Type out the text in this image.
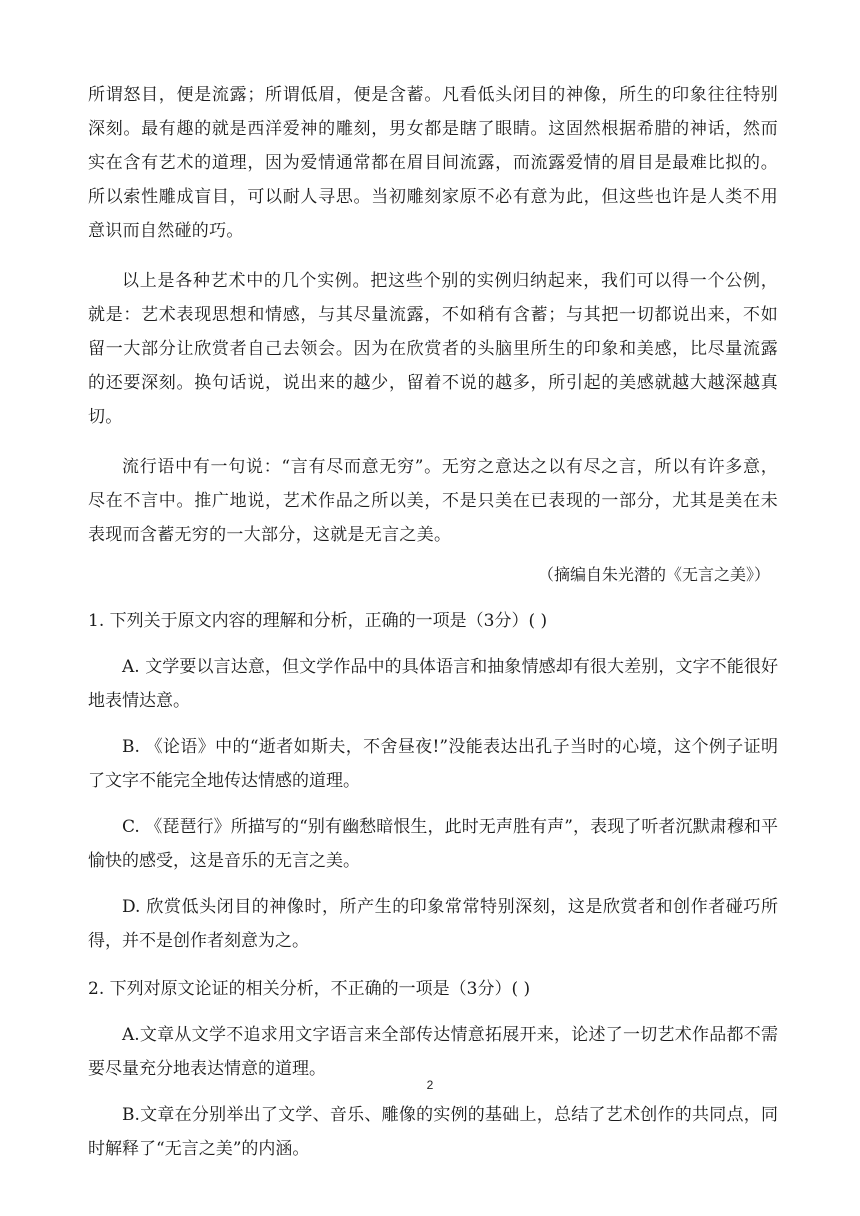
所谓怒目，便是流露；所谓低眉，便是含蓄。凡看低头闭目的神像，所生的印象往往特别深刻。最有趣的就是西洋爱神的雕刻，男女都是瞎了眼睛。这固然根据希腊的神话，然而实在含有艺术的道理，因为爱情通常都在眉目间流露，而流露爱情的眉目是最难比拟的。所以索性雕成盲目，可以耐人寻思。当初雕刻家原不必有意为此，但这些也许是人类不用意识而自然碰的巧。

以上是各种艺术中的几个实例。把这些个别的实例归纳起来，我们可以得一个公例，就是：艺术表现思想和情感，与其尽量流露，不如稍有含蓄；与其把一切都说出来，不如留一大部分让欣赏者自己去领会。因为在欣赏者的头脑里所生的印象和美感，比尽量流露的还要深刻。换句话说，说出来的越少，留着不说的越多，所引起的美感就越大越深越真切。

流行语中有一句说：“言有尽而意无穷”。无穷之意达之以有尽之言，所以有许多意，尽在不言中。推广地说，艺术作品之所以美，不是只美在已表现的一部分，尤其是美在未表现而含蓄无穷的一大部分，这就是无言之美。

（摘编自朱光潜的《无言之美》）

1. 下列关于原文内容的理解和分析，正确的一项是（3分）( )

A. 文学要以言达意，但文学作品中的具体语言和抽象情感却有很大差别，文字不能很好地表情达意。

B. 《论语》中的“逝者如斯夫，不舍昼夜!”没能表达出孔子当时的心境，这个例子证明了文字不能完全地传达情感的道理。

C. 《琵琶行》所描写的“别有幽愁暗恨生，此时无声胜有声”，表现了听者沉默肃穆和平愉快的感受，这是音乐的无言之美。

D. 欣赏低头闭目的神像时，所产生的印象常常特别深刻，这是欣赏者和创作者碰巧所得，并不是创作者刻意为之。

2. 下列对原文论证的相关分析，不正确的一项是（3分）( )

A.文章从文学不追求用文字语言来全部传达情意拓展开来，论述了一切艺术作品都不需要尽量充分地表达情意的道理。

B.文章在分别举出了文学、音乐、雕像的实例的基础上，总结了艺术创作的共同点，同时解释了“无言之美”的内涵。

2
